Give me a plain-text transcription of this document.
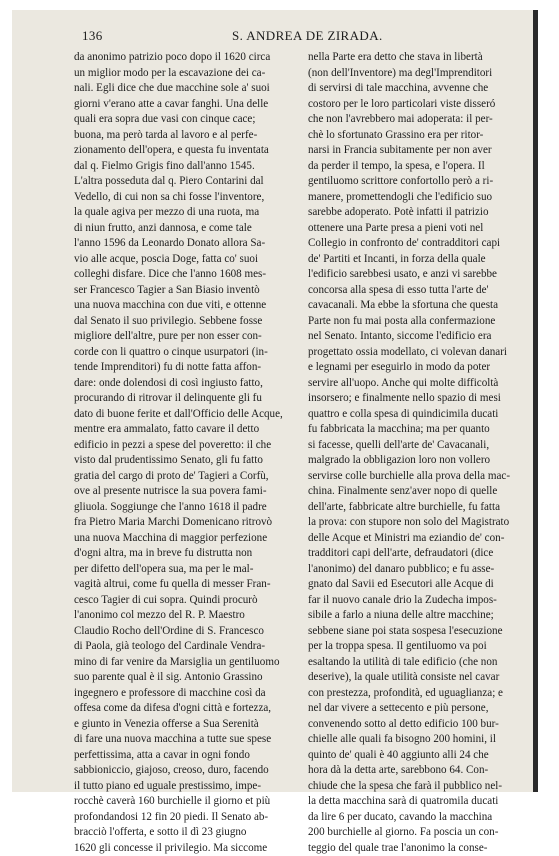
136	S. ANDREA DE ZIRADA.

da anonimo patrizio poco dopo il 1620 circa

un miglior modo per la escavazione dei ca-

nali. Egli dice che due macchine sole a' suoi

giorni v'erano atte a cavar fanghi. Una delle

quali era sopra due vasi con cinque cace;

buona, ma però tarda al lavoro e al perfe-

zionamento dell'opera, e questa fu inventata

dal q. Fielmo Grigis fino dall'anno 1545.

L'altra posseduta dal q. Piero Contarini dal

Vedello, di cui non sa chi fosse l'inventore,

la quale agiva per mezzo di una ruota, ma

di niun frutto, anzi dannosa, e come tale

l'anno 1596 da Leonardo Donato allora Sa-

vio alle acque, poscia Doge, fatta co' suoi

colleghi disfare. Dice che l'anno 1608 mes-

ser Francesco Tagier a San Biasio inventò

una nuova macchina con due viti, e ottenne

dal Senato il suo privilegio. Sebbene fosse

migliore dell'altre, pure per non esser con-

corde con li quattro o cinque usurpatori (in-

tende Imprenditori) fu di notte fatta affon-

dare: onde dolendosi di così ingiusto fatto,

procurando di ritrovar il delinquente gli fu

dato di buone ferite et dall'Officio delle Acque,

mentre era ammalato, fatto cavare il detto

edificio in pezzi a spese del poveretto: il che

visto dal prudentissimo Senato, gli fu fatto

gratia del cargo di proto de' Tagieri a Corfù,

ove al presente nutrisce la sua povera fami-

gliuola. Soggiunge che l'anno 1618 il padre

fra Pietro Maria Marchi Domenicano ritrovò

una nuova Macchina di maggior perfezione

d'ogni altra, ma in breve fu distrutta non

per difetto dell'opera sua, ma per le mal-

vagità altrui, come fu quella di messer Fran-

cesco Tagier di cui sopra. Quindi procurò

l'anonimo col mezzo del R. P. Maestro

Claudio Rocho dell'Ordine di S. Francesco

di Paola, già teologo del Cardinale Vendra-

mino di far venire da Marsiglia un gentiluomo

suo parente qual è il sig. Antonio Grassino

ingegnero e professore di macchine così da

offesa come da difesa d'ogni città e fortezza,

e giunto in Venezia offerse a Sua Serenità

di fare una nuova macchina a tutte sue spese

perfettissima, atta a cavar in ogni fondo

sabbioniccio, giajoso, creoso, duro, facendo

il tutto piano ed uguale prestissimo, impe-

rocchè caverà 160 burchielle il giorno et più

profondandosi 12 fin 20 piedi. Il Senato ab-

bracciò l'offerta, e sotto il dì 23 giugno

1620 gli concesse il privilegio. Ma siccome

nella Parte era detto che stava in libertà

(non dell'Inventore) ma degl'Imprenditori

di servirsi di tale macchina, avvenne che

costoro per le loro particolari viste disseró

che non l'avrebbero mai adoperata: il per-

chè lo sfortunato Grassino era per ritor-

narsi in Francia subitamente per non aver

da perder il tempo, la spesa, e l'opera. Il

gentiluomo scrittore confortollo però a ri-

manere, promettendogli che l'edificio suo

sarebbe adoperato. Potè infatti il patrizio

ottenere una Parte presa a pieni voti nel

Collegio in confronto de' contradditori capi

de' Partiti et Incanti, in forza della quale

l'edificio sarebbesi usato, e anzi vi sarebbe

concorsa alla spesa di esso tutta l'arte de'

cavacanali. Ma ebbe la sfortuna che questa

Parte non fu mai posta alla confermazione

nel Senato. Intanto, siccome l'edificio era

progettato ossia modellato, ci volevan danari

e legnami per eseguirlo in modo da poter

servire all'uopo. Anche qui molte difficoltà

insorsero; e finalmente nello spazio di mesi

quattro e colla spesa di quindicimila ducati

fu fabbricata la macchina; ma per quanto

si facesse, quelli dell'arte de' Cavacanali,

malgrado la obbligazion loro non vollero

servirse colle burchielle alla prova della mac-

china. Finalmente senz'aver nopo di quelle

dell'arte, fabbricate altre burchielle, fu fatta

la prova: con stupore non solo del Magistrato

delle Acque et Ministri ma eziandio de' con-

tradditori capi dell'arte, defraudatori (dice

l'anonimo) del danaro pubblico; e fu asse-

gnato dal Savii ed Esecutori alle Acque di

far il nuovo canale drio la Zudecha impos-

sibile a farlo a niuna delle altre macchine;

sebbene siane poi stata sospesa l'esecuzione

per la troppa spesa. Il gentiluomo va poi

esaltando la utilità di tale edificio (che non

deserive), la quale utilità consiste nel cavar

con prestezza, profondità, ed uguaglianza; e

nel dar vivere a settecento e più persone,

convenendo sotto al detto edificio 100 bur-

chielle alle quali fa bisogno 200 homini, il

quinto de' quali è 40 aggiunto alli 24 che

hora dà la detta arte, sarebbono 64. Con-

chiude che la spesa che farà il pubblico nel-

la detta macchina sarà di quatromila ducati

da lire 6 per ducato, cavando la macchina

200 burchielle al giorno. Fa poscia un con-

teggio del quale trae l'anonimo la conse-
